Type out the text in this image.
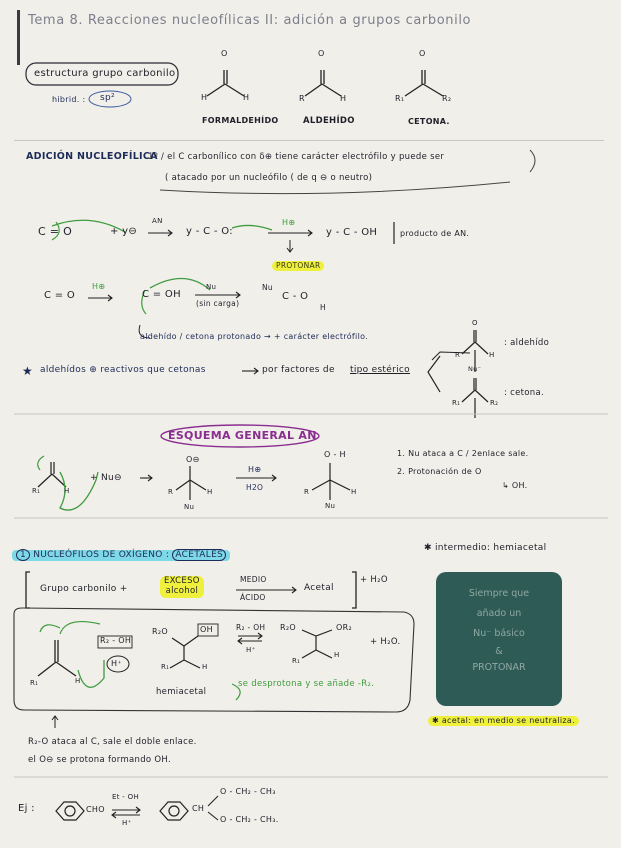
Tema 8. Reacciones nucleofílicas II: adición a grupos carbonilo
estructura grupo carbonilo
hibrid. : sp²
O
H	H
FORMALDEHÍDO
O
R	H
ALDEHÍDO
O
R₁	R₂
CETONA.
ADICIÓN NUCLEOFÍLICA
1º / el C carbonílico con δ⊕ tiene carácter electrófilo y puede ser
( atacado por un nucleófilo ( de q ⊖ o neutro)
C = O	+ y⊖
AN
y - C - O:
H⊕
y - C - OH	producto de AN.
PROTONAR
C = O
H⊕
C = OH
Nu
(sin carga)
Nu
C - O
H
aldehído / cetona protonado → + carácter electrófilo.
★ aldehídos ⊕ reactivos que cetonas	por factores de tipo estérico
O
R	H
Nu⁻
: aldehído
R₁	R₂
: cetona.
ESQUEMA GENERAL AN
R₁	H
+ Nu⊖
O⊖
R	H
Nu
H⊕
H2O
O - H
R	H
Nu
1. Nu ataca a C / 2enlace sale.
2. Protonación de O
↳ OH.
1 NUCLEÓFILOS DE OXÍGENO : ACETALES
✱ intermedio: hemiacetal
Grupo carbonilo +
EXCESO
alcohol
MEDIO
ÁCIDO
Acetal
+ H₂O
R₂ - OH
H⁺
R₁	H
R₂O	OH
R₁	H
R₂ - OH
H⁺
R₂O	OR₂
R₁
H
+ H₂O.
hemiacetal
se desprotona y se añade -R₂.
Siempre que
añado un
Nu⁻ básico
&
PROTONAR
✱ acetal: en medio se neutraliza.
R₂-O ataca al C, sale el doble enlace.
el O⊖ se protona formando OH.
Ej :	CHO
Et - OH
H⁺
CH
O - CH₂ - CH₃
O - CH₂ - CH₃.
